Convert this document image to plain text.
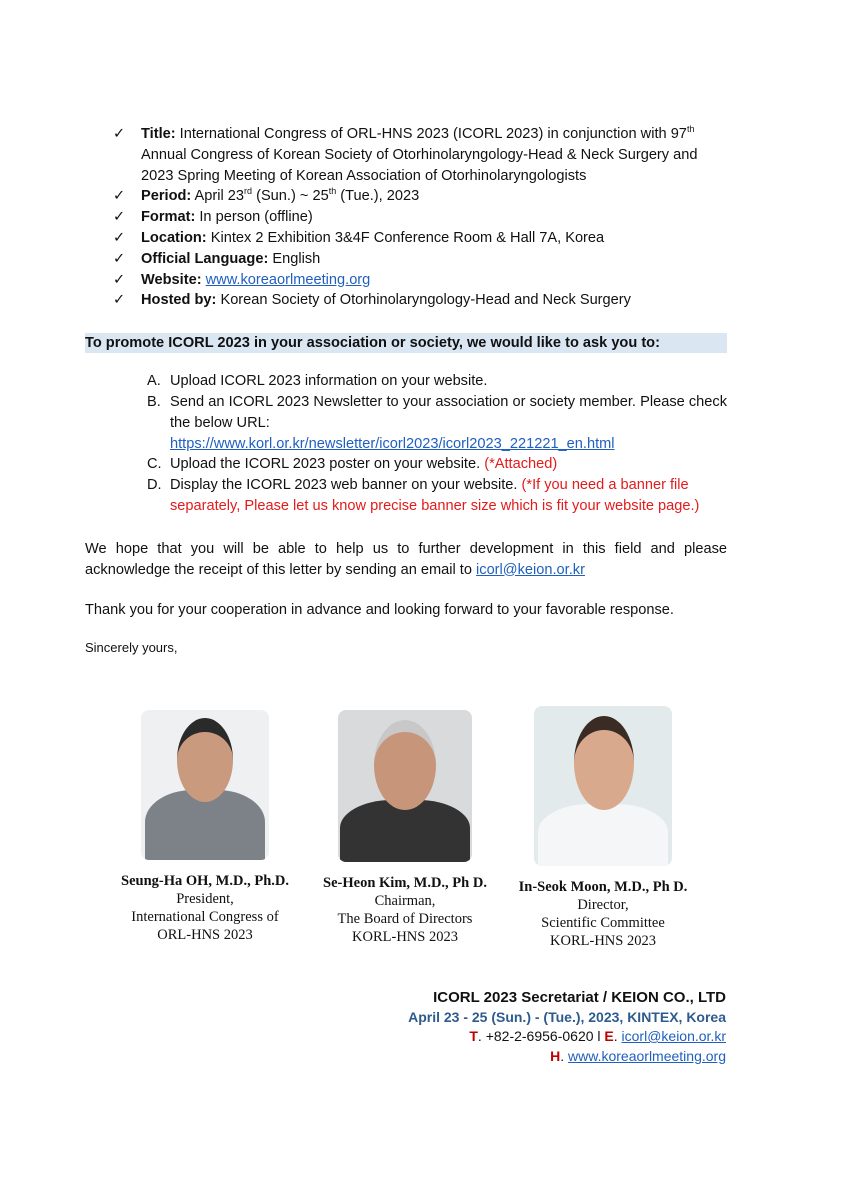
✓ Title: International Congress of ORL-HNS 2023 (ICORL 2023) in conjunction with 97th Annual Congress of Korean Society of Otorhinolaryngology-Head & Neck Surgery and 2023 Spring Meeting of Korean Association of Otorhinolaryngologists
✓ Period: April 23rd (Sun.) ~ 25th (Tue.), 2023
✓ Format: In person (offline)
✓ Location: Kintex 2 Exhibition 3&4F Conference Room & Hall 7A, Korea
✓ Official Language: English
✓ Website: www.koreaorlmeeting.org
✓ Hosted by: Korean Society of Otorhinolaryngology-Head and Neck Surgery
To promote ICORL 2023 in your association or society, we would like to ask you to:
A. Upload ICORL 2023 information on your website.
B. Send an ICORL 2023 Newsletter to your association or society member. Please check the below URL:
https://www.korl.or.kr/newsletter/icorl2023/icorl2023_221221_en.html
C. Upload the ICORL 2023 poster on your website. (*Attached)
D. Display the ICORL 2023 web banner on your website. (*If you need a banner file separately, Please let us know precise banner size which is fit your website page.)

We hope that you will be able to help us to further development in this field and please acknowledge the receipt of this letter by sending an email to icorl@keion.or.kr

Thank you for your cooperation in advance and looking forward to your favorable response.

Sincerely yours,

Seung-Ha OH, M.D., Ph.D.
President,
International Congress of
ORL-HNS 2023
Se-Heon Kim, M.D., Ph D.
Chairman,
The Board of Directors
KORL-HNS 2023
In-Seok Moon, M.D., Ph D.
Director,
Scientific Committee
KORL-HNS 2023
ICORL 2023 Secretariat / KEION CO., LTD
April 23 - 25 (Sun.) - (Tue.), 2023, KINTEX, Korea
T. +82-2-6956-0620 l E. icorl@keion.or.kr
H. www.koreaorlmeeting.org
